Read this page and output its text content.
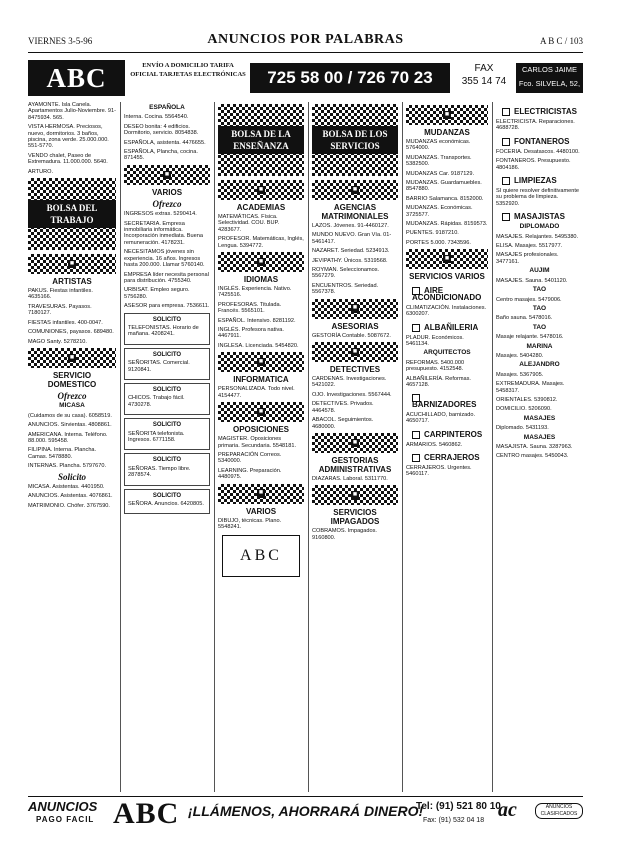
VIERNES 3-5-96	ANUNCIOS POR PALABRAS	A B C / 103
ABC	ENVÍO A DOMICILIO TARIFA OFICIAL TARJETAS ELECTRÓNICAS	725 58 00 / 726 70 23	FAX
355 14 74
CARLOS JAIME
Fco. SILVELA, 52, 3D

AYAMONTE. Isla Canela. Apartamentos Julio-Noviembre. 91-8475934. 565.

VISTA HERMOSA. Preciosos, nuevo, dormitorios. 3 baños, piscina, zona verde. 25.000.000. 551-5770.

VENDO chalet, Paseo de Extremadura. 11.000.000. 5640.

ARTURO.

BOLSA DEL TRABAJO
■
ARTISTAS

PAKUS. Fiestas infantiles. 4635166.

TRAVESURAS. Payasos. 7180127.

FIESTAS infantiles. 400-0047.

COMUNIONES, payasos. 689480.

MAGO Santy. 5278210.

■
SERVICIO DOMESTICO
Ofrezco
MICASA

(Cuidamos de su casa). 6058519.

ANUNCIOS. Sirvientas. 4808861.

AMERICANA. Interna. Teléfono. 88.000. 595458.

FILIPINA. Interna. Plancha. Camas. 5478880.

INTERNAS. Plancha. 5797670.

Solicito

MICASA. Asistentas. 4401950.

ANUNCIOS. Asistentas. 4076861.

MATRIMONIO. Chófer. 3767590.

ESPAÑOLA

Interna. Cocina. 5564540.

DESEO bonita: 4 edificios. Dormitorio, servicio. 8054838.

ESPAÑOLA, asistenta. 4476655.

ESPAÑOLA, Plancha, cocina. 871455.

■
VARIOS
Ofrezco

INGRESOS extras. 5290414.

SECRETARIA. Empresa inmobiliaria informática. Incorporación inmediata. Buena remuneración. 4178231.

NECESITAMOS jóvenes sin experiencia. 16 años. Ingresos hasta 200.000. Llamar 5760140.

EMPRESA líder necesita personal para distribución. 4755340.

URBISAT. Empleo seguro. 5756280.

ASESOR para empresa. 7536611.

SOLICITO

TELEFONISTAS. Horario de mañana. 4208241.

SOLICITO

SEÑORITAS. Comercial. 9120841.

SOLICITO

CHICOS. Trabajo fácil. 4730278.

SOLICITO

SEÑORITA telefonista. Ingresos. 6771158.

SOLICITO

SEÑORAS. Tiempo libre. 2878574.

SOLICITO

SEÑORA. Anuncios. 6420805.

BOLSA DE LA ENSEÑANZA
■
ACADEMIAS

MATEMÁTICAS. Física. Selectividad. COU. BUP. 4283677.

PROFESOR. Matemáticas, Inglés, Lengua. 5394772.

■
IDIOMAS

INGLÉS. Experiencia. Nativo. 7425516.

PROFESORAS. Titulada. Francés. 5565101.

ESPAÑOL. Intensivo. 8281192.

INGLÉS. Profesora nativa. 4467911.

INGLESA. Licenciada. 5454820.

■
INFORMATICA

PERSONALIZADA. Todo nivel. 4154477.

■
OPOSICIONES

MAGISTER. Oposiciones primaria. Secundaria. 5548181.

PREPARACIÓN Correos. 5340000.

LEARNING. Preparación. 4480975.

■
VARIOS

DIBUJO, técnicas. Plano. 5548241.

ABC
BOLSA DE LOS SERVICIOS
■
AGENCIAS MATRIMONIALES

LAZOS. Jóvenes. 91-4460127.

MUNDO NUEVO. Gran Vía. 01-5461417.

NAZARET. Seriedad. 5234913.

JEVIPATHY. Únicos. 5319568.

ROYMAN. Seleccionamos. 5567279.

ENCUENTROS. Seriedad. 5567378.

■
ASESORIAS

GESTORÍA Contable. 5087672.

■
DETECTIVES

CARDENAS. Investigaciones. 5421022.

OJO. Investigaciones. 5567444.

DETECTIVES. Privados. 4464578.

ABACOL. Seguimientos. 4680000.

■
GESTORIAS ADMINISTRATIVAS

DIAZARAS. Laboral. 5311770.

■
SERVICIOS IMPAGADOS

COBRAMOS. Impagados. 9160800.

■
MUDANZAS

MUDANZAS económicas. 5764000.

MUDANZAS. Transportes. 5382500.

MUDANZAS Car. 9187129.

MUDANZAS. Guardamuebles. 8547880.

BARRIO Salamanca. 8152000.

MUDANZAS. Económicas. 3725577.

MUDANZAS. Rápidas. 8159573.

PUENTES. 9187210.

PORTES 5.000. 7343596.

■
SERVICIOS VARIOS
AIRE ACONDICIONADO

CLIMATIZACIÓN. Instalaciones. 6300207.

ALBAÑILERIA

PLADUR. Económicos. 5461134.

ARQUITECTOS

REFORMAS. 5400.000 presupuesto. 4152548.

ALBAÑILERÍA. Reformas. 4657128.

BARNIZADORES

ACUCHILLADO, barnizado. 4650717.

CARPINTEROS

ARMARIOS. 5460862.

CERRAJEROS

CERRAJEROS. Urgentes. 5460117.

ELECTRICISTAS

ELECTRICISTA. Reparaciones. 4688728.

FONTANEROS

FOCERIA. Desatascos. 4480100.

FONTANEROS. Presupuesto. 4804186.

LIMPIEZAS

SI quiere resolver definitivamente su problema de limpieza. 5352920.

MASAJISTAS
DIPLOMADO

MASAJES. Relajantes. 5495380.

ELISA. Masajes. 5517977.

MASAJES profesionales. 3477161.

AUJIM

MASAJES. Sauna. 5401120.

TAO

Centro masajes. 5479006.

TAO

Baño sauna. 5478016.

TAO

Masaje relajante. 5478016.

MARINA

Masajes. 5404280.

ALEJANDRO

Masajes. 5367905.

EXTREMADURA. Masajes. 5458317.

ORIENTALES. 5390812.

DOMICILIO. 5206090.

MASAJES

Diplomado. 5431193.

MASAJES

MASAJISTA. Sauna. 3287963.

CENTRO masajes. 5450043.

ANUNCIOS
PAGO FACIL ABC ¡LLÁMENOS, AHORRARÁ DINERO!
Tel: (91) 521 80 10
Fax: (91) 532 04 18 ac	ANUNCIOS CLASIFICADOS
